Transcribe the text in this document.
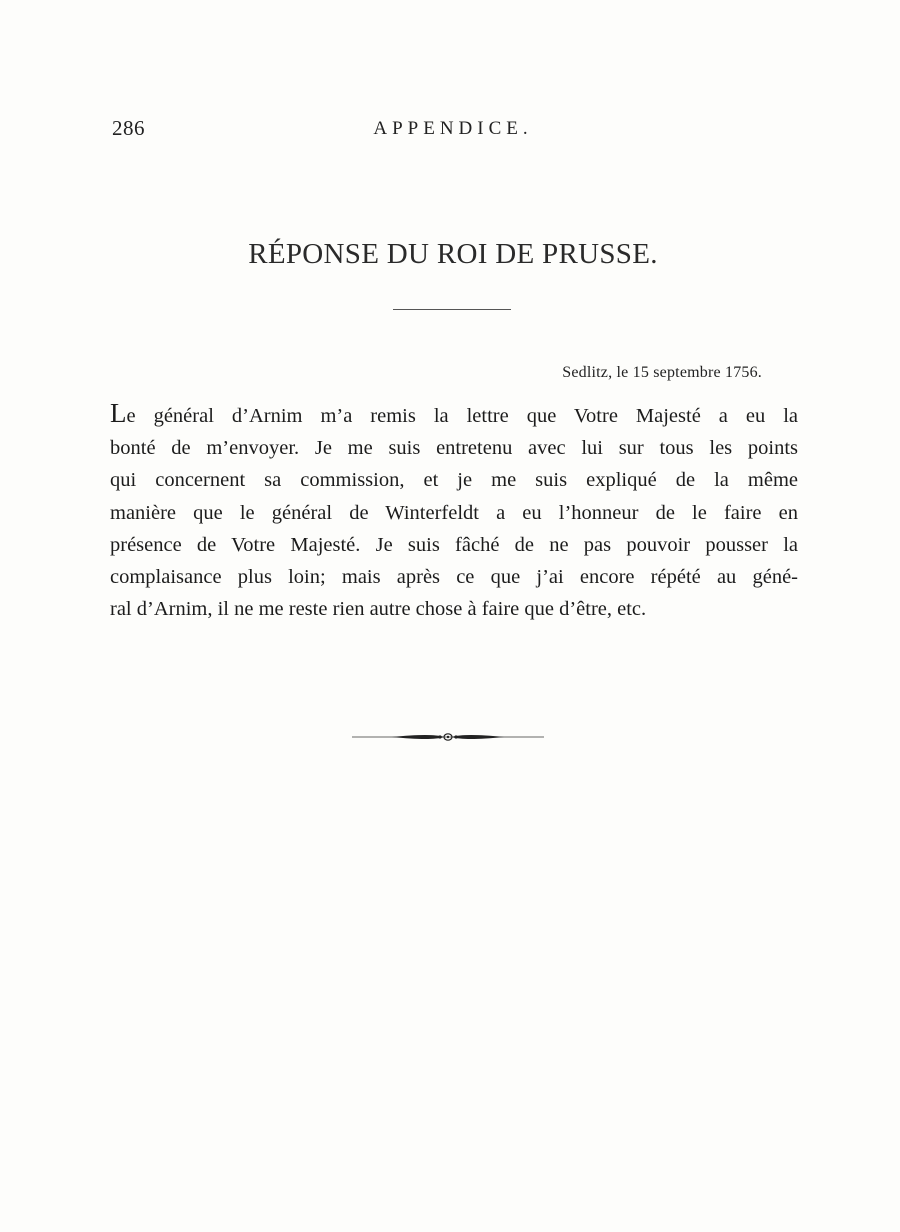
286	APPENDICE.
RÉPONSE DU ROI DE PRUSSE.
Sedlitz, le 15 septembre 1756.
Le général d’Arnim m’a remis la lettre que Votre Majesté a eu la
bonté de m’envoyer. Je me suis entretenu avec lui sur tous les points
qui concernent sa commission, et je me suis expliqué de la même
manière que le général de Winterfeldt a eu l’honneur de le faire en
présence de Votre Majesté. Je suis fâché de ne pas pouvoir pousser la
complaisance plus loin; mais après ce que j’ai encore répété au géné-
ral d’Arnim, il ne me reste rien autre chose à faire que d’être, etc.
